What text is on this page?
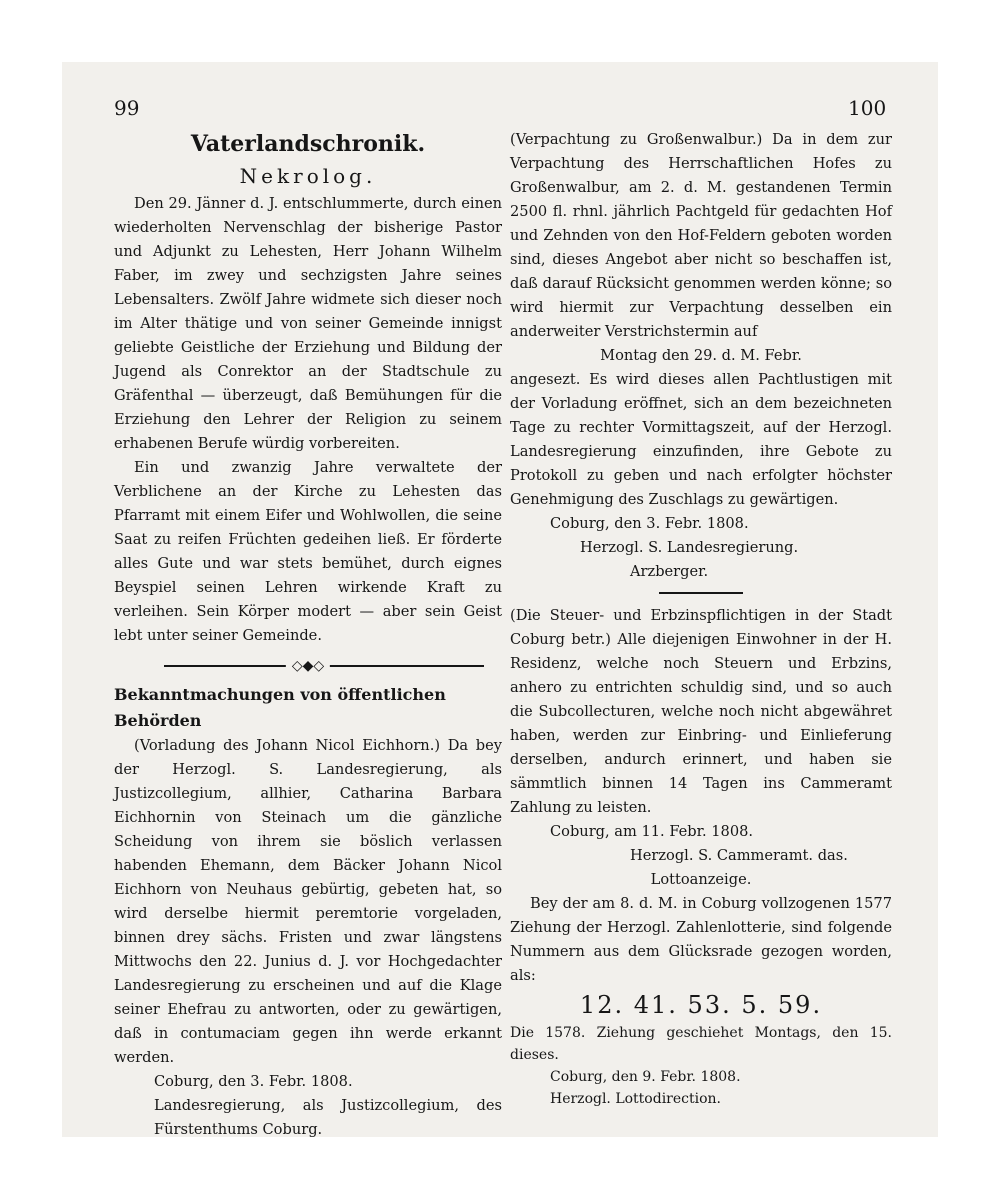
99	100

Vaterlandschronik.

Nekrolog.

Den 29. Jänner d. J. entschlummerte, durch einen wiederholten Nervenschlag der bisherige Pastor und Adjunkt zu Lehesten, Herr Johann Wilhelm Faber, im zwey und sechzigsten Jahre seines Lebensalters. Zwölf Jahre widmete sich dieser noch im Alter thätige und von seiner Gemeinde innigst geliebte Geistliche der Erziehung und Bildung der Jugend als Conrektor an der Stadtschule zu Gräfenthal — überzeugt, daß Bemühungen für die Erziehung den Lehrer der Religion zu seinem erhabenen Berufe würdig vorbereiten.

Ein und zwanzig Jahre verwaltete der Verblichene an der Kirche zu Lehesten das Pfarramt mit einem Eifer und Wohlwollen, die seine Saat zu reifen Früchten gedeihen ließ. Er förderte alles Gute und war stets bemühet, durch eignes Beyspiel seinen Lehren wirkende Kraft zu verleihen. Sein Körper modert — aber sein Geist lebt unter seiner Gemeinde.

◇◆◇

Bekanntmachungen von öffentlichen Behörden

(Vorladung des Johann Nicol Eichhorn.) Da bey der Herzogl. S. Landesregierung, als Justizcollegium, allhier, Catharina Barbara Eichhornin von Steinach um die gänzliche Scheidung von ihrem sie böslich verlassen habenden Ehemann, dem Bäcker Johann Nicol Eichhorn von Neuhaus gebürtig, gebeten hat, so wird derselbe hiermit peremtorie vorgeladen, binnen drey sächs. Fristen und zwar längstens Mittwochs den 22. Junius d. J. vor Hochgedachter Landesregierung zu erscheinen und auf die Klage seiner Ehefrau zu antworten, oder zu gewärtigen, daß in contumaciam gegen ihn werde erkannt werden.

Coburg, den 3. Febr. 1808.

Landesregierung, als Justizcollegium, des Fürstenthums Coburg.

(Verpachtung zu Großenwalbur.) Da in dem zur Verpachtung des Herrschaftlichen Hofes zu Großenwalbur, am 2. d. M. gestandenen Termin 2500 fl. rhnl. jährlich Pachtgeld für gedachten Hof und Zehnden von den Hof-Feldern geboten worden sind, dieses Angebot aber nicht so beschaffen ist, daß darauf Rücksicht genommen werden könne; so wird hiermit zur Verpachtung desselben ein anderweiter Verstrichstermin auf

Montag den 29. d. M. Febr.

angesezt. Es wird dieses allen Pachtlustigen mit der Vorladung eröffnet, sich an dem bezeichneten Tage zu rechter Vormittagszeit, auf der Herzogl. Landesregierung einzufinden, ihre Gebote zu Protokoll zu geben und nach erfolgter höchster Genehmigung des Zuschlags zu gewärtigen.

Coburg, den 3. Febr. 1808.

Herzogl. S. Landesregierung.

Arzberger.

(Die Steuer- und Erbzinspflichtigen in der Stadt Coburg betr.) Alle diejenigen Einwohner in der H. Residenz, welche noch Steuern und Erbzins, anhero zu entrichten schuldig sind, und so auch die Subcollecturen, welche noch nicht abgewähret haben, werden zur Einbring- und Einlieferung derselben, andurch erinnert, und haben sie sämmtlich binnen 14 Tagen ins Cammeramt Zahlung zu leisten.

Coburg, am 11. Febr. 1808.

Herzogl. S. Cammeramt. das.

Lottoanzeige.

Bey der am 8. d. M. in Coburg vollzogenen 1577 Ziehung der Herzogl. Zahlenlotterie, sind folgende Nummern aus dem Glücksrade gezogen worden, als:

12. 41. 53. 5. 59.

Die 1578. Ziehung geschiehet Montags, den 15. dieses.

Coburg, den 9. Febr. 1808.

Herzogl. Lottodirection.
